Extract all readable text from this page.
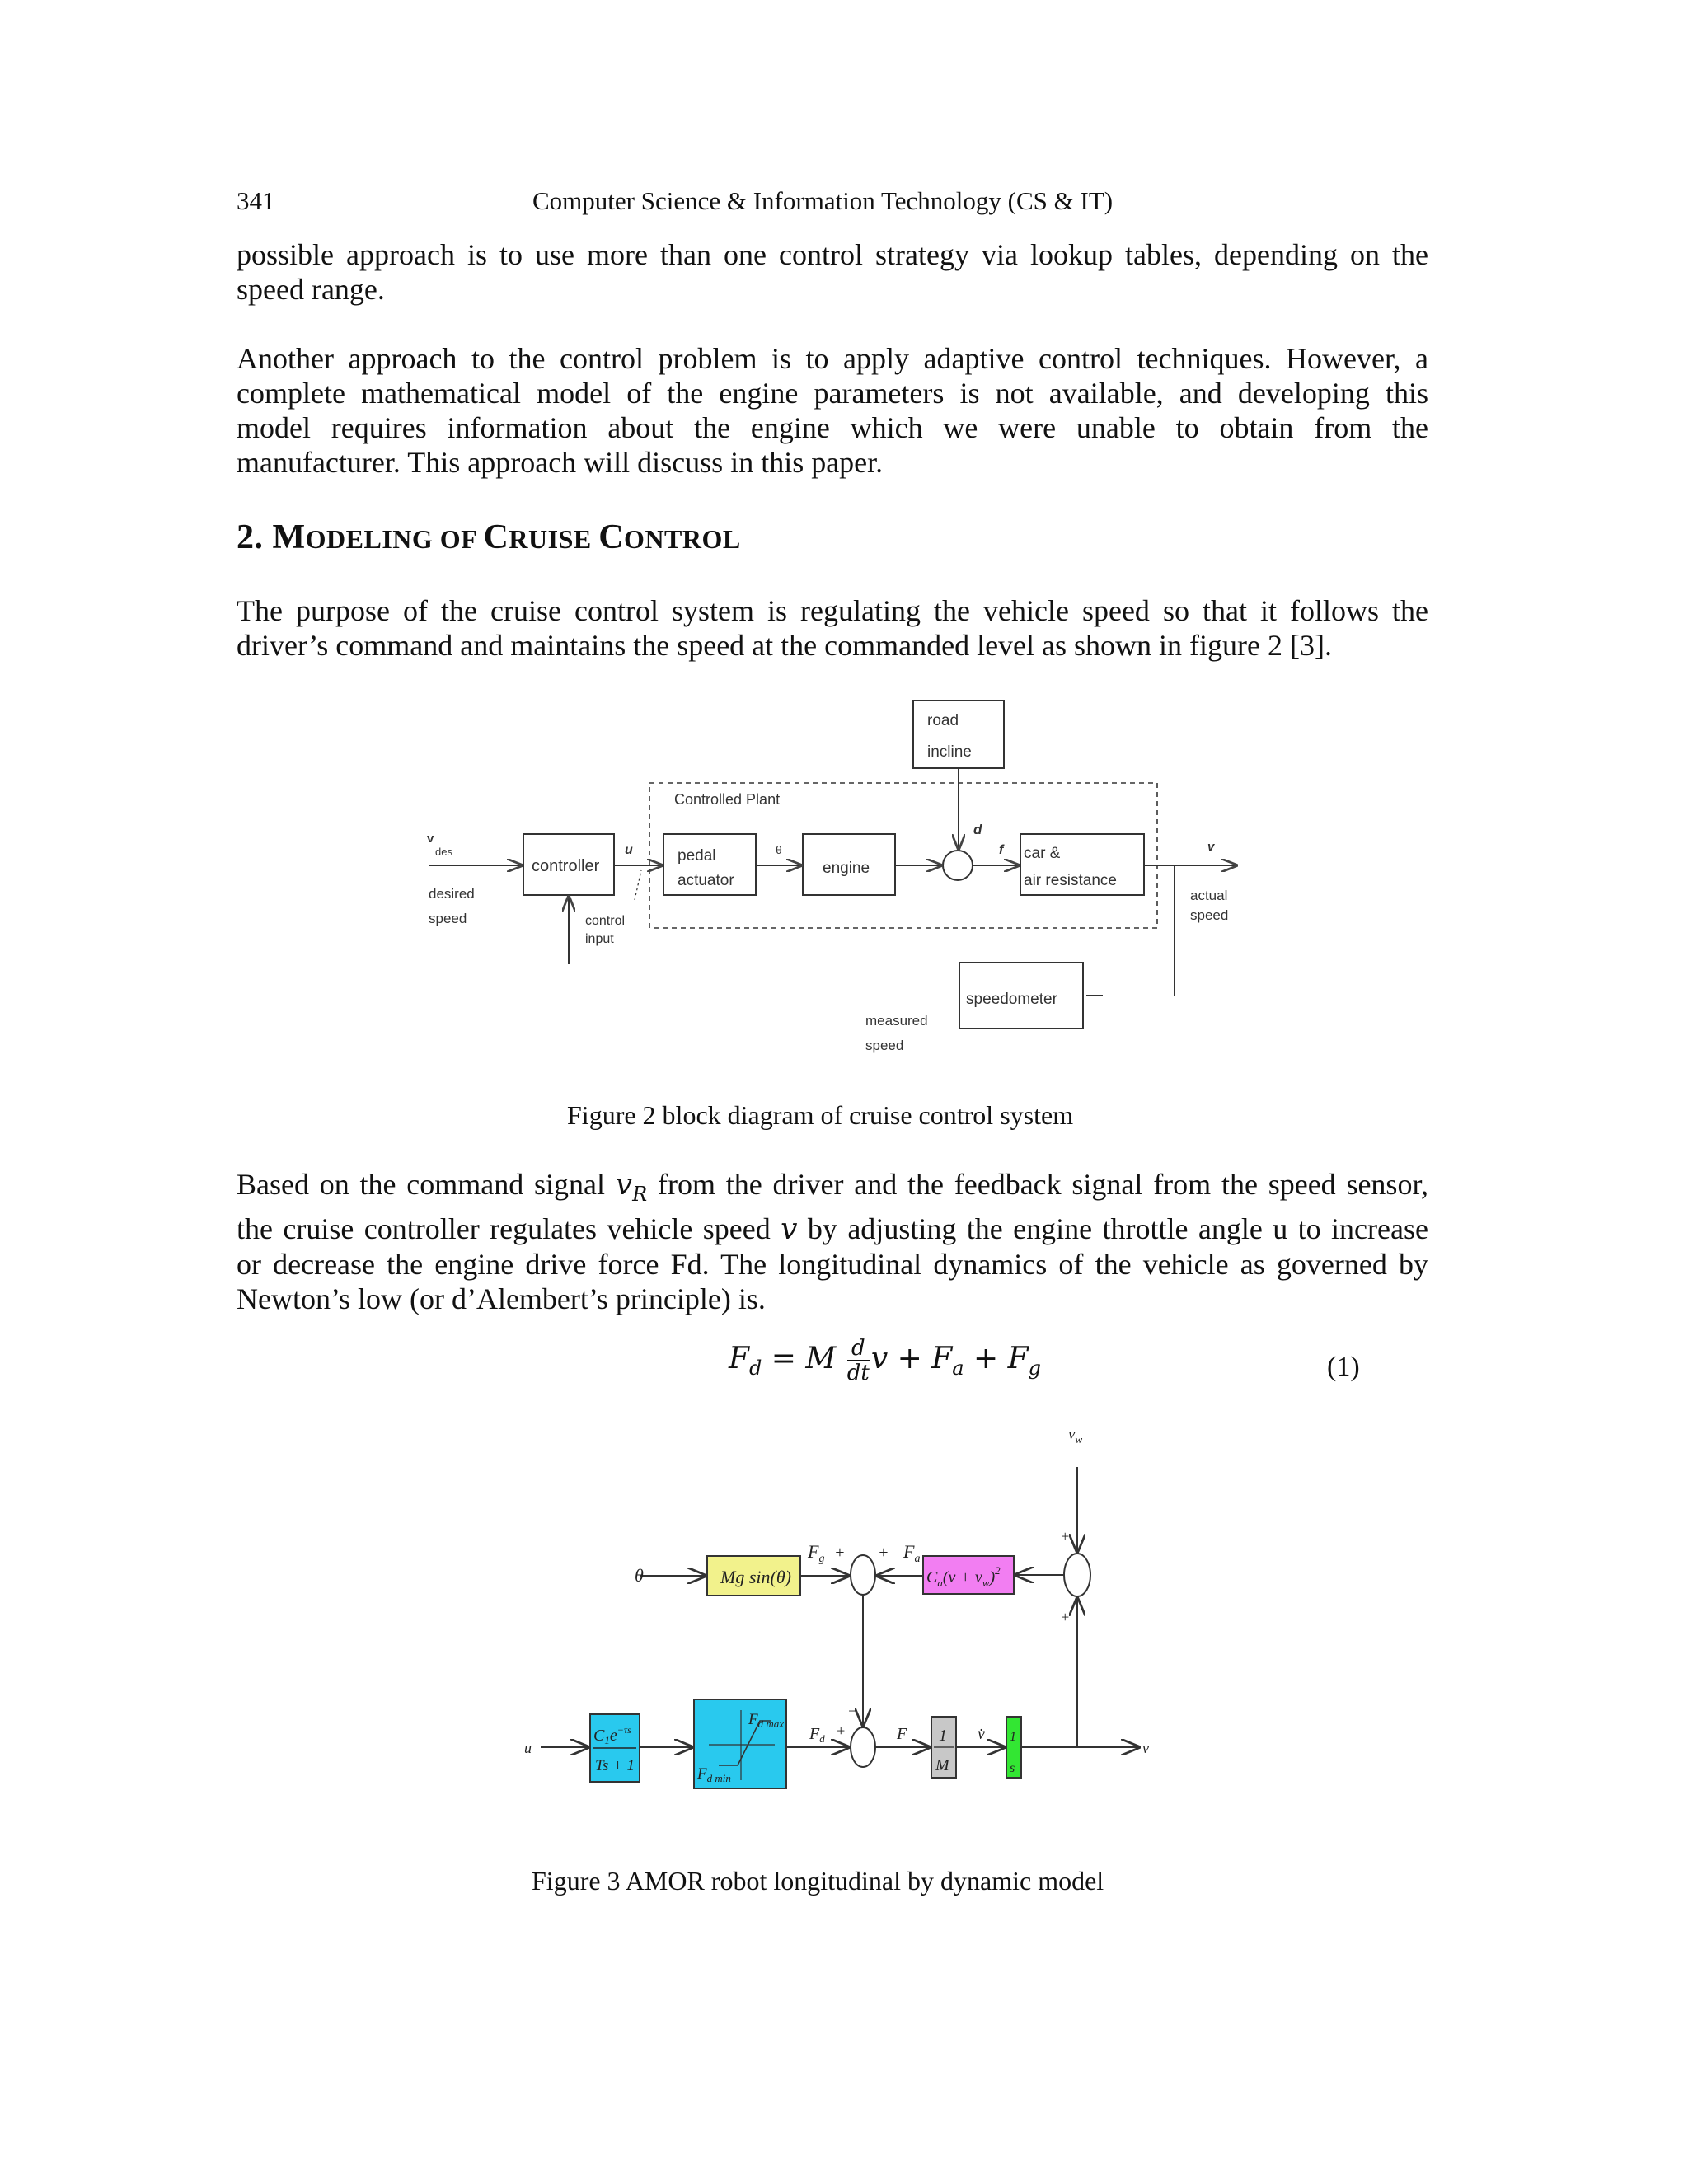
341	Computer Science & Information Technology (CS & IT)
possible approach is to use more than one control strategy via lookup tables, depending on the
speed range.
Another approach to the control problem is to apply adaptive control techniques. However, a
complete mathematical model of the engine parameters is not available, and developing this
model requires information about the engine which we were unable to obtain from the
manufacturer. This approach will discuss in this paper.
2. MODELING OF CRUISE CONTROL
The purpose of the cruise control system is regulating the vehicle speed so that it follows the
driver’s command and maintains the speed at the commanded level as shown in figure 2 [3].
road
incline
Controlled Plant
v
des
desired
speed
controller
u
control
input
pedal
actuator
θ
engine
d
f car &
air resistance
v
actual
speed
speedometer
measured
speed
Figure 2 block diagram of cruise control system
Based on the command signal $v_R$ from the driver and the feedback signal from the speed sensor,
the cruise controller regulates vehicle speed v by adjusting the engine throttle angle u to increase
or decrease the engine drive force Fd. The longitudinal dynamics of the vehicle as governed by
Newton’s low (or d’Alembert’s principle) is.
$F_d = M \frac{d}{dt}$ $v + F_a + F_g$	(1)
$v_w$
θ	Mg sin(θ)
$F_g$ + + $F_a$
$C_a(v + v_w)^2$
+
+
u
$C_1e^{-\tau s}$
Ts + 1
$F_{d max}$
$F_{d min}$
$F_d$ +
−
F 1
M
v̇ 1
s
v
Figure 3 AMOR robot longitudinal by dynamic model
